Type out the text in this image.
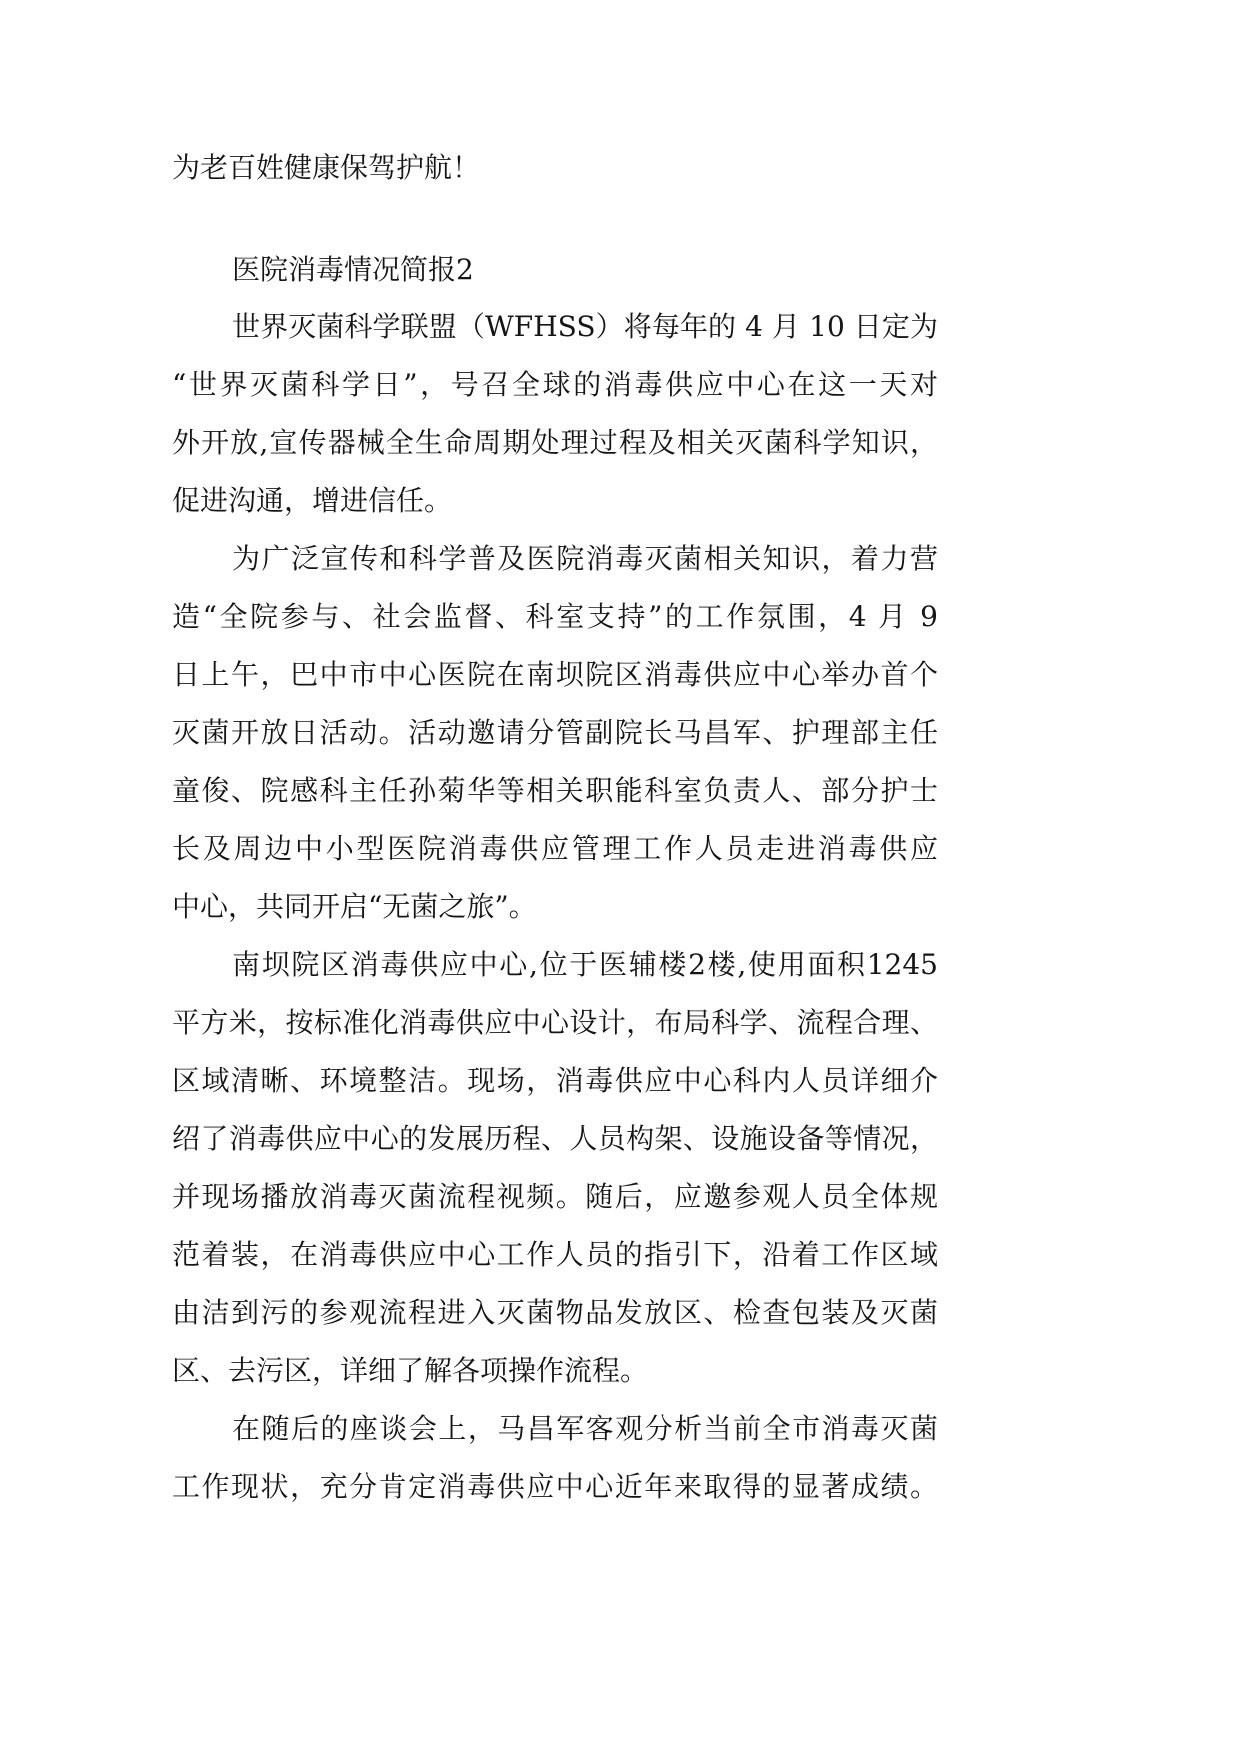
为老百姓健康保驾护航！
医院消毒情况简报2
世界灭菌科学联盟（WFHSS）将每年的 4 月 10 日定为
“世界灭菌科学日”，号召全球的消毒供应中心在这一天对
外开放,宣传器械全生命周期处理过程及相关灭菌科学知识，
促进沟通，增进信任。
为广泛宣传和科学普及医院消毒灭菌相关知识，着力营
造“全院参与、社会监督、科室支持”的工作氛围，4 月 9
日上午，巴中市中心医院在南坝院区消毒供应中心举办首个
灭菌开放日活动。活动邀请分管副院长马昌军、护理部主任
童俊、院感科主任孙菊华等相关职能科室负责人、部分护士
长及周边中小型医院消毒供应管理工作人员走进消毒供应
中心，共同开启“无菌之旅”。
南坝院区消毒供应中心,位于医辅楼2楼,使用面积1245
平方米，按标准化消毒供应中心设计，布局科学、流程合理、
区域清晰、环境整洁。现场，消毒供应中心科内人员详细介
绍了消毒供应中心的发展历程、人员构架、设施设备等情况，
并现场播放消毒灭菌流程视频。随后，应邀参观人员全体规
范着装，在消毒供应中心工作人员的指引下，沿着工作区域
由洁到污的参观流程进入灭菌物品发放区、检查包装及灭菌
区、去污区，详细了解各项操作流程。
在随后的座谈会上，马昌军客观分析当前全市消毒灭菌
工作现状，充分肯定消毒供应中心近年来取得的显著成绩。
